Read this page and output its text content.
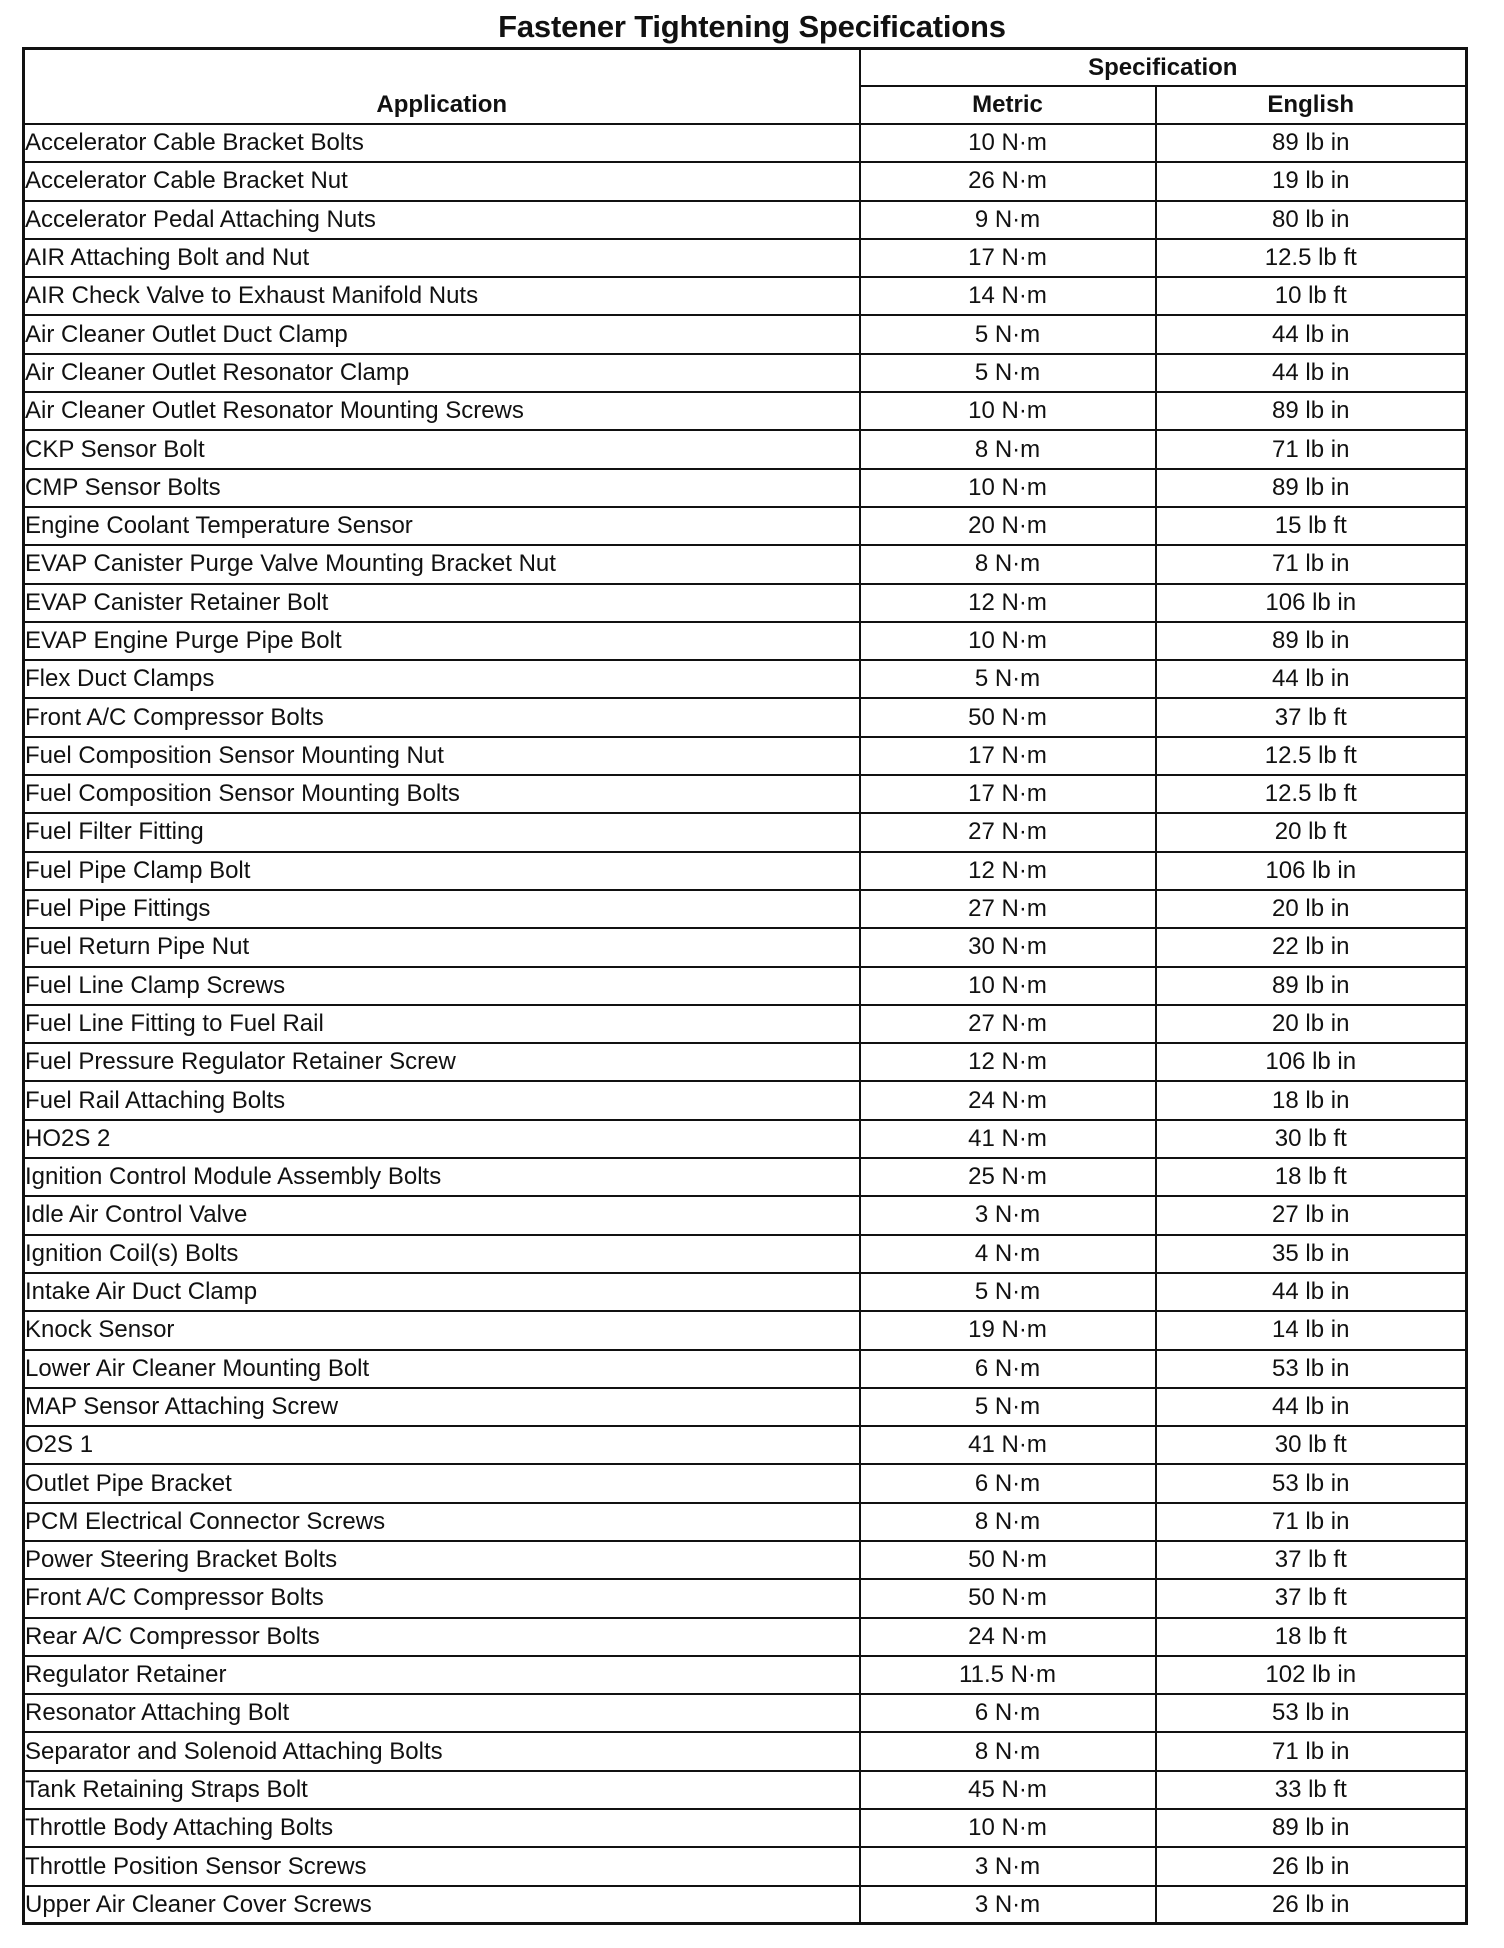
Fastener Tightening Specifications
Application	Specification	
	Metric	English
Accelerator Cable Bracket Bolts	10 N·m	89 lb in
Accelerator Cable Bracket Nut	26 N·m	19 lb in
Accelerator Pedal Attaching Nuts	9 N·m	80 lb in
AIR Attaching Bolt and Nut	17 N·m	12.5 lb ft
AIR Check Valve to Exhaust Manifold Nuts	14 N·m	10 lb ft
Air Cleaner Outlet Duct Clamp	5 N·m	44 lb in
Air Cleaner Outlet Resonator Clamp	5 N·m	44 lb in
Air Cleaner Outlet Resonator Mounting Screws	10 N·m	89 lb in
CKP Sensor Bolt	8 N·m	71 lb in
CMP Sensor Bolts	10 N·m	89 lb in
Engine Coolant Temperature Sensor	20 N·m	15 lb ft
EVAP Canister Purge Valve Mounting Bracket Nut	8 N·m	71 lb in
EVAP Canister Retainer Bolt	12 N·m	106 lb in
EVAP Engine Purge Pipe Bolt	10 N·m	89 lb in
Flex Duct Clamps	5 N·m	44 lb in
Front A/C Compressor Bolts	50 N·m	37 lb ft
Fuel Composition Sensor Mounting Nut	17 N·m	12.5 lb ft
Fuel Composition Sensor Mounting Bolts	17 N·m	12.5 lb ft
Fuel Filter Fitting	27 N·m	20 lb ft
Fuel Pipe Clamp Bolt	12 N·m	106 lb in
Fuel Pipe Fittings	27 N·m	20 lb in
Fuel Return Pipe Nut	30 N·m	22 lb in
Fuel Line Clamp Screws	10 N·m	89 lb in
Fuel Line Fitting to Fuel Rail	27 N·m	20 lb in
Fuel Pressure Regulator Retainer Screw	12 N·m	106 lb in
Fuel Rail Attaching Bolts	24 N·m	18 lb in
HO2S 2	41 N·m	30 lb ft
Ignition Control Module Assembly Bolts	25 N·m	18 lb ft
Idle Air Control Valve	3 N·m	27 lb in
Ignition Coil(s) Bolts	4 N·m	35 lb in
Intake Air Duct Clamp	5 N·m	44 lb in
Knock Sensor	19 N·m	14 lb in
Lower Air Cleaner Mounting Bolt	6 N·m	53 lb in
MAP Sensor Attaching Screw	5 N·m	44 lb in
O2S 1	41 N·m	30 lb ft
Outlet Pipe Bracket	6 N·m	53 lb in
PCM Electrical Connector Screws	8 N·m	71 lb in
Power Steering Bracket Bolts	50 N·m	37 lb ft
Front A/C Compressor Bolts	50 N·m	37 lb ft
Rear A/C Compressor Bolts	24 N·m	18 lb ft
Regulator Retainer	11.5 N·m	102 lb in
Resonator Attaching Bolt	6 N·m	53 lb in
Separator and Solenoid Attaching Bolts	8 N·m	71 lb in
Tank Retaining Straps Bolt	45 N·m	33 lb ft
Throttle Body Attaching Bolts	10 N·m	89 lb in
Throttle Position Sensor Screws	3 N·m	26 lb in
Upper Air Cleaner Cover Screws	3 N·m	26 lb in
